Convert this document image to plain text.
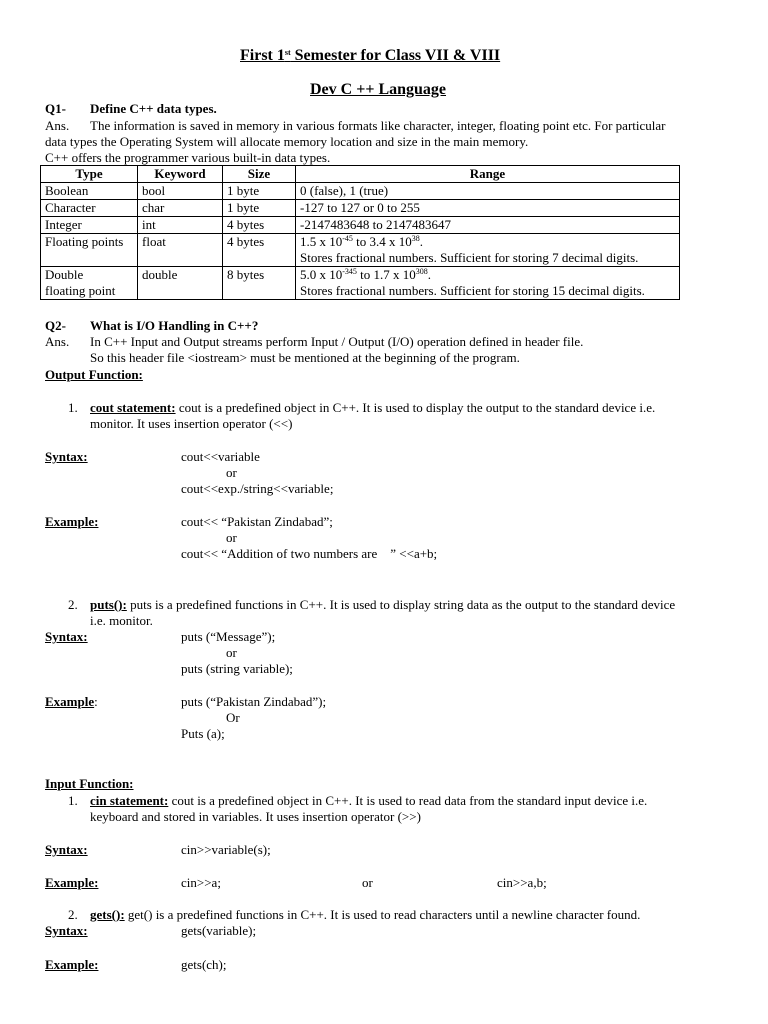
First 1st Semester for Class VII & VIII
Dev C ++ Language
Q1- Define C++ data types.
Ans. The information is saved in memory in various formats like character, integer, floating point etc. For particular
data types the Operating System will allocate memory location and size in the main memory.
C++ offers the programmer various built-in data types.
Type	Keyword	Size	Range
Boolean	bool	1 byte	0 (false), 1 (true)
Character	char	1 byte	-127 to 127 or 0 to 255
Integer	int	4 bytes	-2147483648 to 2147483647
Floating points	float	4 bytes	1.5 x $10^{-45}$ to 3.4 x $10^{38}$.
Stores fractional numbers. Sufficient for storing 7 decimal digits.

Double
floating point	double	8 bytes	5.0 x $10^{-345}$ to 1.7 x $10^{308}$.
Stores fractional numbers. Sufficient for storing 15 decimal digits.
Q2- What is I/O Handling in C++?
Ans. In C++ Input and Output streams perform Input / Output (I/O) operation defined in header file.
So this header file <iostream> must be mentioned at the beginning of the program.
Output Function:
1. cout statement: cout is a predefined object in C++. It is used to display the output to the standard device i.e.
monitor. It uses insertion operator (<<)
Syntax:	cout<<variable
or
cout<<exp./string<<variable;
Example:	cout<< “Pakistan Zindabad”;
or
cout<< “Addition of two numbers are    ” <<a+b;
2. puts(): puts is a predefined functions in C++. It is used to display string data as the output to the standard device
i.e. monitor.
Syntax:	puts (“Message”);
or
puts (string variable);
Example:	puts (“Pakistan Zindabad”);
Or
Puts (a);
Input Function:
1. cin statement: cout is a predefined object in C++. It is used to read data from the standard input device i.e.
keyboard and stored in variables. It uses insertion operator (>>)
Syntax:	cin>>variable(s);
Example:	cin>>a;	or	cin>>a,b;
2. gets(): get() is a predefined functions in C++. It is used to read characters until a newline character found.
Syntax:	gets(variable);
Example:	gets(ch);
